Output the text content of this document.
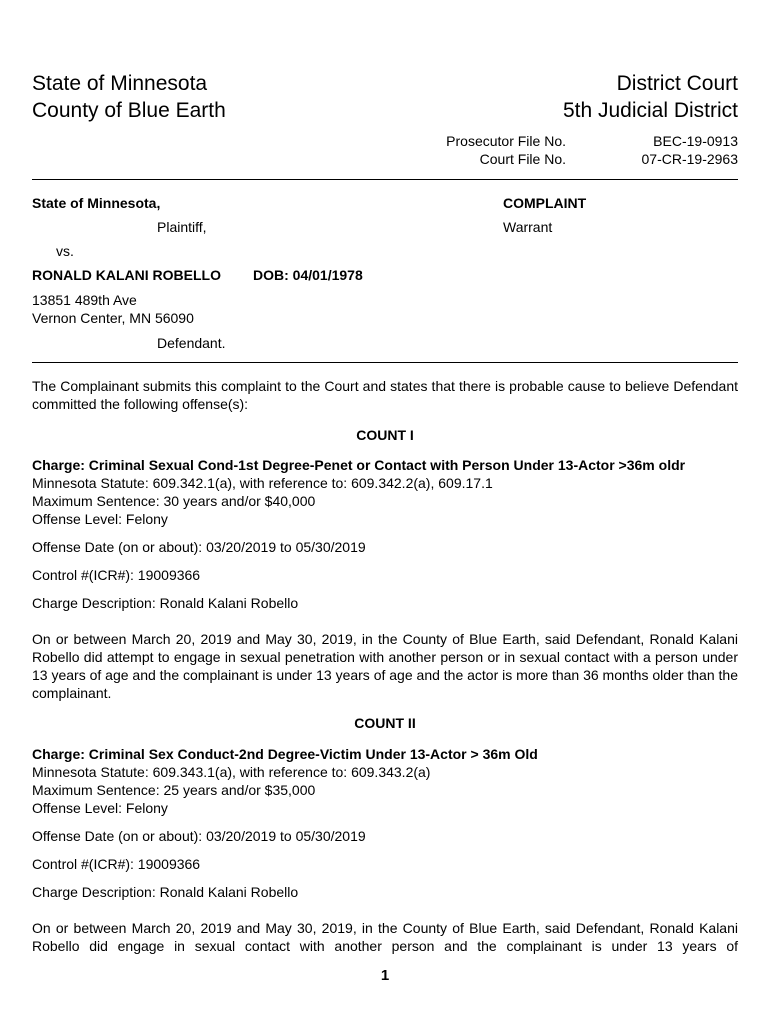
State of Minnesota
County of Blue Earth
District Court
5th Judicial District
Prosecutor File No.	BEC-19-0913
Court File No.	07-CR-19-2963
State of Minnesota,
Plaintiff,
vs.
RONALD KALANI ROBELLO DOB: 04/01/1978
13851 489th Ave
Vernon Center, MN 56090
Defendant.
COMPLAINT
Warrant
The Complainant submits this complaint to the Court and states that there is probable cause to believe Defendant committed the following offense(s):
COUNT I
Charge: Criminal Sexual Cond-1st Degree-Penet or Contact with Person Under 13-Actor >36m oldr
Minnesota Statute: 609.342.1(a), with reference to: 609.342.2(a), 609.17.1
Maximum Sentence: 30 years and/or $40,000
Offense Level: Felony
Offense Date (on or about): 03/20/2019 to 05/30/2019
Control #(ICR#): 19009366
Charge Description: Ronald Kalani Robello
On or between March 20, 2019 and May 30, 2019, in the County of Blue Earth, said Defendant, Ronald Kalani Robello did attempt to engage in sexual penetration with another person or in sexual contact with a person under 13 years of age and the complainant is under 13 years of age and the actor is more than 36 months older than the complainant.
COUNT II
Charge: Criminal Sex Conduct-2nd Degree-Victim Under 13-Actor > 36m Old
Minnesota Statute: 609.343.1(a), with reference to: 609.343.2(a)
Maximum Sentence: 25 years and/or $35,000
Offense Level: Felony
Offense Date (on or about): 03/20/2019 to 05/30/2019
Control #(ICR#): 19009366
Charge Description: Ronald Kalani Robello
On or between March 20, 2019 and May 30, 2019, in the County of Blue Earth, said Defendant, Ronald Kalani Robello did engage in sexual contact with another person and the complainant is under 13 years of
1
